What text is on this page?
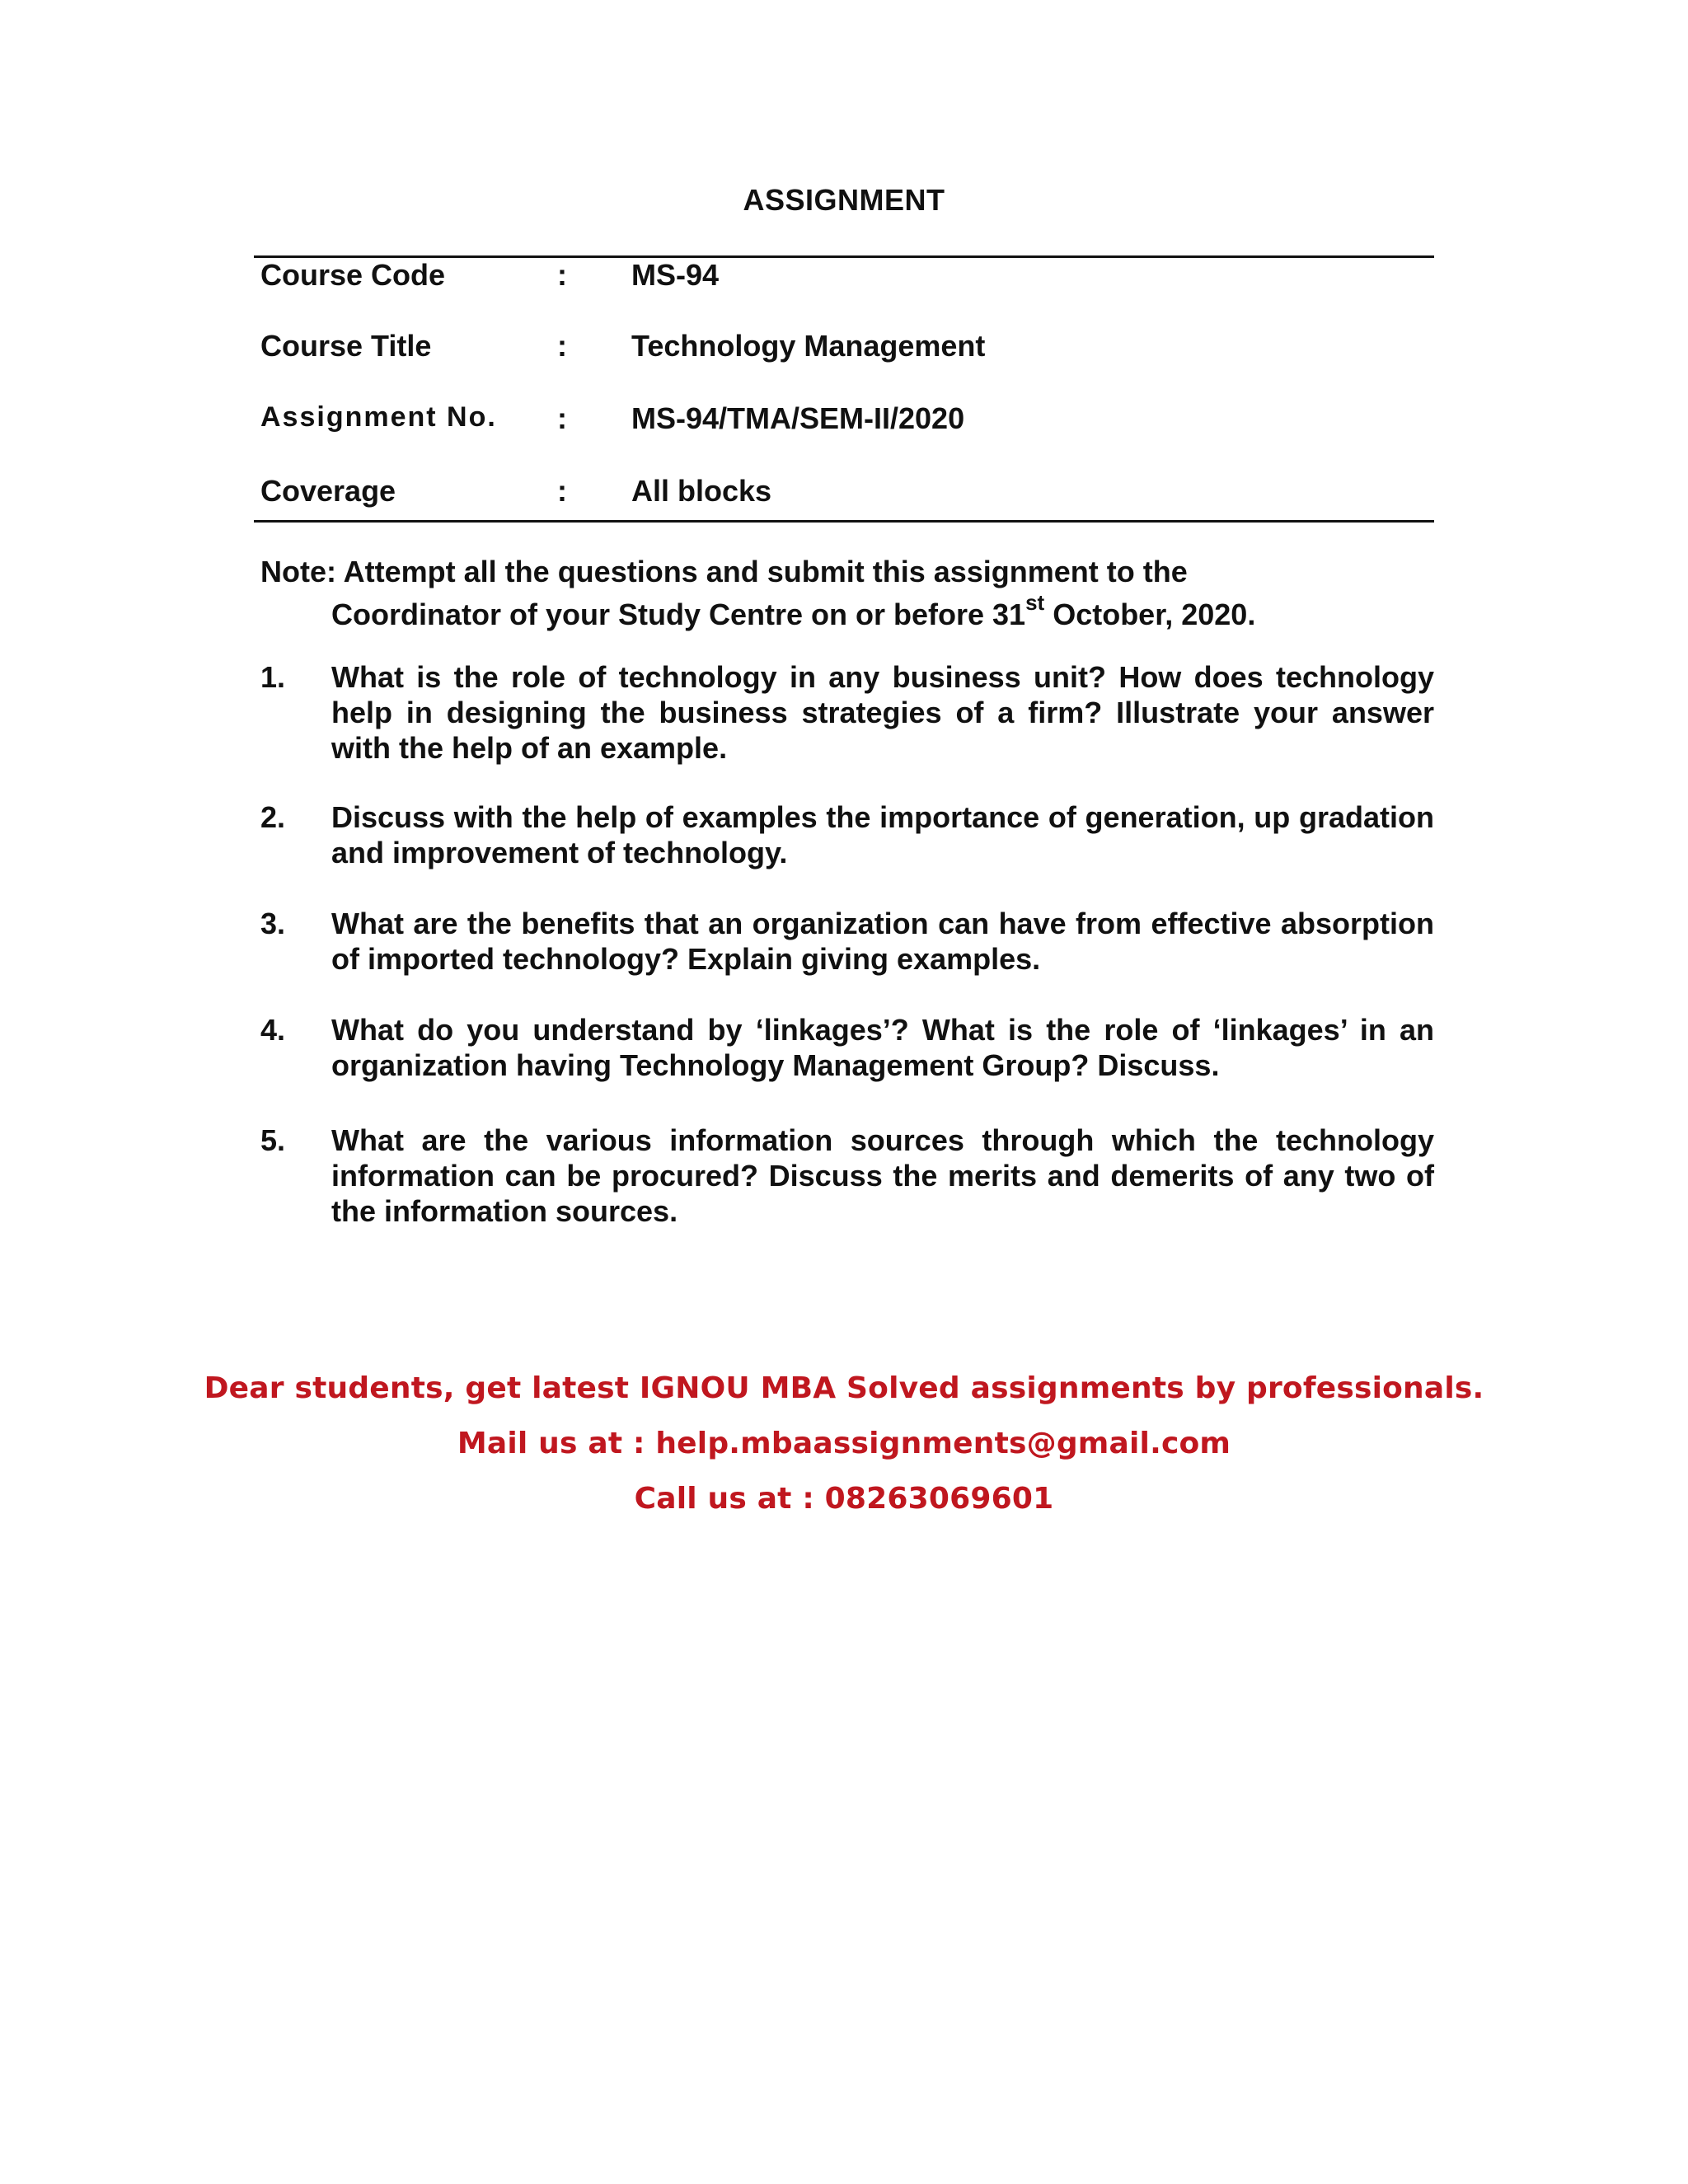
ASSIGNMENT
Course Code	: MS-94
Course Title	: Technology Management
Assignment No. : MS-94/TMA/SEM-II/2020
Coverage	: All blocks
Note: Attempt all the questions and submit this assignment to the
Coordinator of your Study Centre on or before 31st October, 2020.
1. What is the role of technology in any business unit? How does technology help in designing the business strategies of a firm? Illustrate your answer with the help of an example.
2. Discuss with the help of examples the importance of generation, up gradation and improvement of technology.
3. What are the benefits that an organization can have from effective absorption of imported technology? Explain giving examples.
4. What do you understand by ‘linkages’? What is the role of ‘linkages’ in an organization having Technology Management Group? Discuss.
5. What are the various information sources through which the technology information can be procured? Discuss the merits and demerits of any two of the information sources.
Dear students, get latest IGNOU MBA Solved assignments by professionals.
Mail us at : help.mbaassignments@gmail.com
Call us at : 08263069601
